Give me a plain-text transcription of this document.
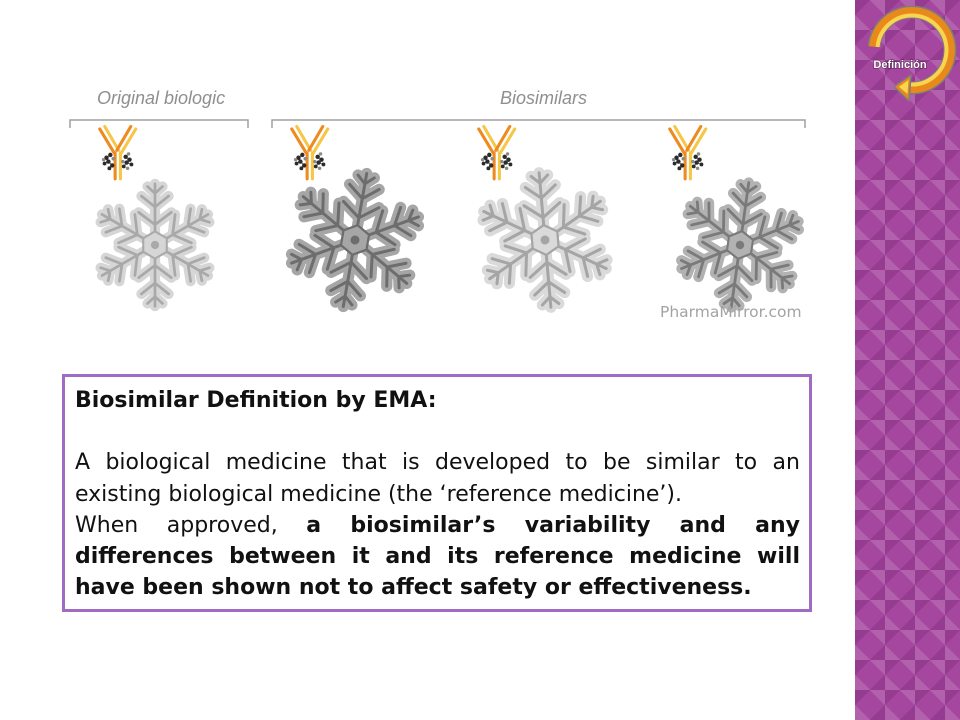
Original biologic	Biosimilars
PharmaMirror.com

Biosimilar Definition by EMA:

A biological medicine that is developed to be similar to an existing biological medicine (the ‘reference medicine’).

When approved, a biosimilar’s variability and any differences between it and its reference medicine will have been shown not to affect safety or effectiveness.

Definición
